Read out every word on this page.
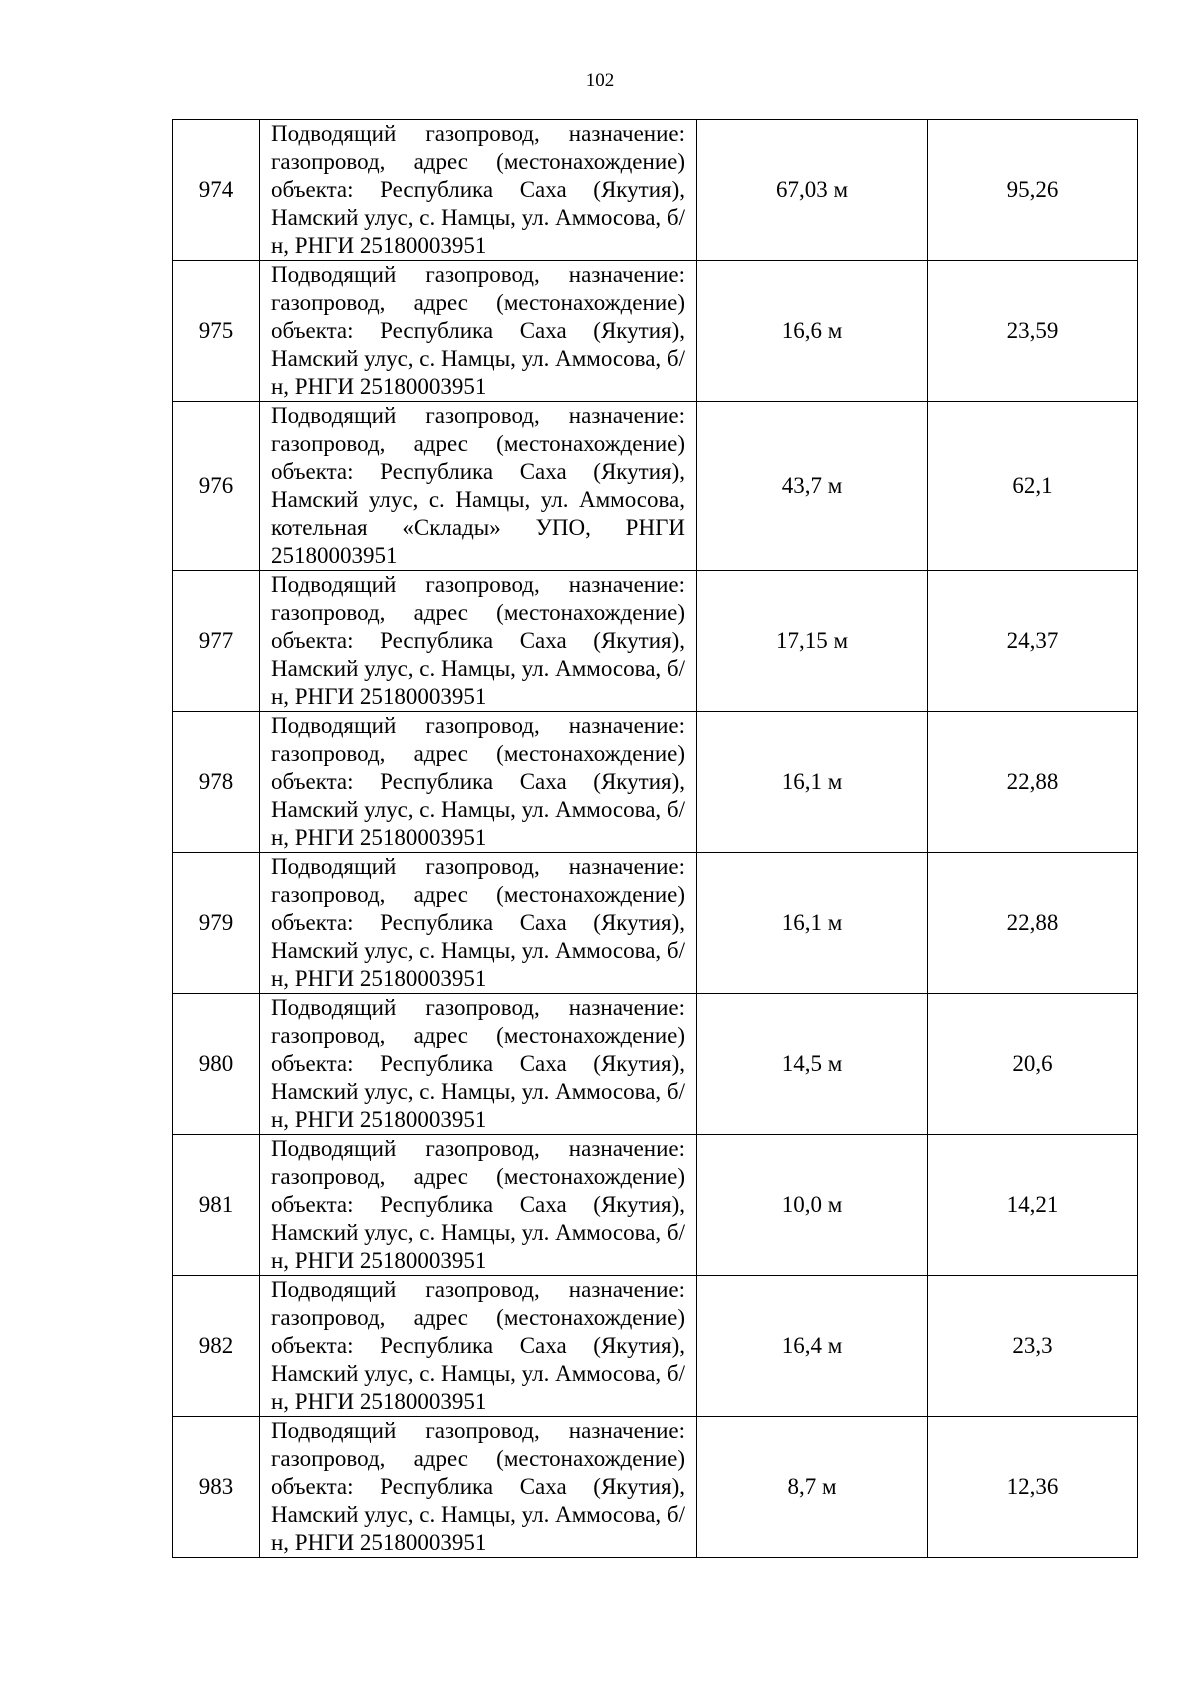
102
974	Подводящий газопровод, назначение: газопровод, адрес (местонахождение) объекта: Республика Саха (Якутия), Намский улус, с. Намцы, ул. Аммосова, б/н, РНГИ 25180003951	67,03 м	95,26
975	Подводящий газопровод, назначение: газопровод, адрес (местонахождение) объекта: Республика Саха (Якутия), Намский улус, с. Намцы, ул. Аммосова, б/н, РНГИ 25180003951	16,6 м	23,59
976	Подводящий газопровод, назначение: газопровод, адрес (местонахождение) объекта: Республика Саха (Якутия), Намский улус, с. Намцы, ул. Аммосова, котельная «Склады» УПО, РНГИ 25180003951	43,7 м	62,1
977	Подводящий газопровод, назначение: газопровод, адрес (местонахождение) объекта: Республика Саха (Якутия), Намский улус, с. Намцы, ул. Аммосова, б/н, РНГИ 25180003951	17,15 м	24,37
978	Подводящий газопровод, назначение: газопровод, адрес (местонахождение) объекта: Республика Саха (Якутия), Намский улус, с. Намцы, ул. Аммосова, б/н, РНГИ 25180003951	16,1 м	22,88
979	Подводящий газопровод, назначение: газопровод, адрес (местонахождение) объекта: Республика Саха (Якутия), Намский улус, с. Намцы, ул. Аммосова, б/н, РНГИ 25180003951	16,1 м	22,88
980	Подводящий газопровод, назначение: газопровод, адрес (местонахождение) объекта: Республика Саха (Якутия), Намский улус, с. Намцы, ул. Аммосова, б/н, РНГИ 25180003951	14,5 м	20,6
981	Подводящий газопровод, назначение: газопровод, адрес (местонахождение) объекта: Республика Саха (Якутия), Намский улус, с. Намцы, ул. Аммосова, б/н, РНГИ 25180003951	10,0 м	14,21
982	Подводящий газопровод, назначение: газопровод, адрес (местонахождение) объекта: Республика Саха (Якутия), Намский улус, с. Намцы, ул. Аммосова, б/н, РНГИ 25180003951	16,4 м	23,3
983	Подводящий газопровод, назначение: газопровод, адрес (местонахождение) объекта: Республика Саха (Якутия), Намский улус, с. Намцы, ул. Аммосова, б/н, РНГИ 25180003951	8,7 м	12,36
